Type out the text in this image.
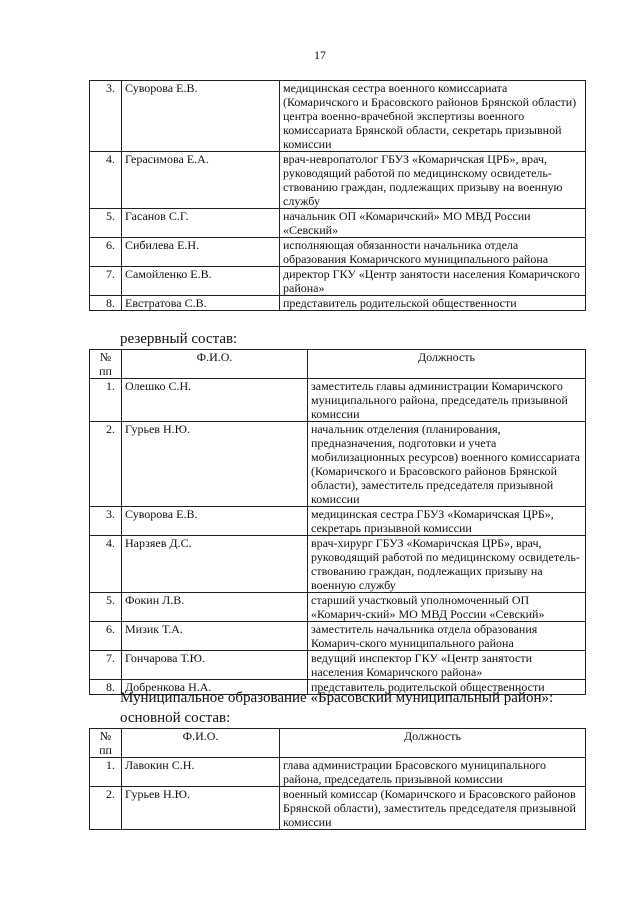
17
3.	Суворова Е.В.	медицинская сестра военного комиссариата (Комаричского и Брасовского районов Брянской области) центра военно-врачебной экспертизы военного комиссариата Брянской области, секретарь призывной комиссии
4.	Герасимова Е.А.	врач-невропатолог ГБУЗ «Комаричская ЦРБ», врач, руководящий работой по медицинскому освидетель-ствованию граждан, подлежащих призыву на военную службу
5.	Гасанов С.Г.	начальник ОП «Комаричский» МО МВД России «Севский»
6.	Сибилева Е.Н.	исполняющая обязанности начальника отдела образования Комаричского муниципального района
7.	Самойленко Е.В.	директор ГКУ «Центр занятости населения Комаричского района»
8.	Евстратова С.В.	представитель родительской общественности
резервный состав:
№ пп	Ф.И.О.	Должность
1.	Олешко С.Н.	заместитель главы администрации Комаричского муниципального района, председатель призывной комиссии
2.	Гурьев Н.Ю.	начальник отделения (планирования, предназначения, подготовки и учета мобилизационных ресурсов) военного комиссариата (Комаричского и Брасовского районов Брянской области), заместитель председателя призывной комиссии
3.	Суворова Е.В.	медицинская сестра ГБУЗ «Комаричская ЦРБ», секретарь призывной комиссии
4.	Нарзяев Д.С.	врач-хирург ГБУЗ «Комаричская ЦРБ», врач, руководящий работой по медицинскому освидетель-ствованию граждан, подлежащих призыву на военную службу
5.	Фокин Л.В.	старший участковый уполномоченный ОП «Комарич-ский» МО МВД России «Севский»
6.	Мизик Т.А.	заместитель начальника отдела образования Комарич-ского муниципального района
7.	Гончарова Т.Ю.	ведущий инспектор ГКУ «Центр занятости населения Комаричского района»
8.	Добренкова Н.А.	представитель родительской общественности
Муниципальное образование «Брасовский муниципальный район»:
основной состав:
№ пп	Ф.И.О.	Должность
1.	Лавокин С.Н.	глава администрации Брасовского муниципального района, председатель призывной комиссии
2.	Гурьев Н.Ю.	военный комиссар (Комаричского и Брасовского районов Брянской области), заместитель председателя призывной комиссии
